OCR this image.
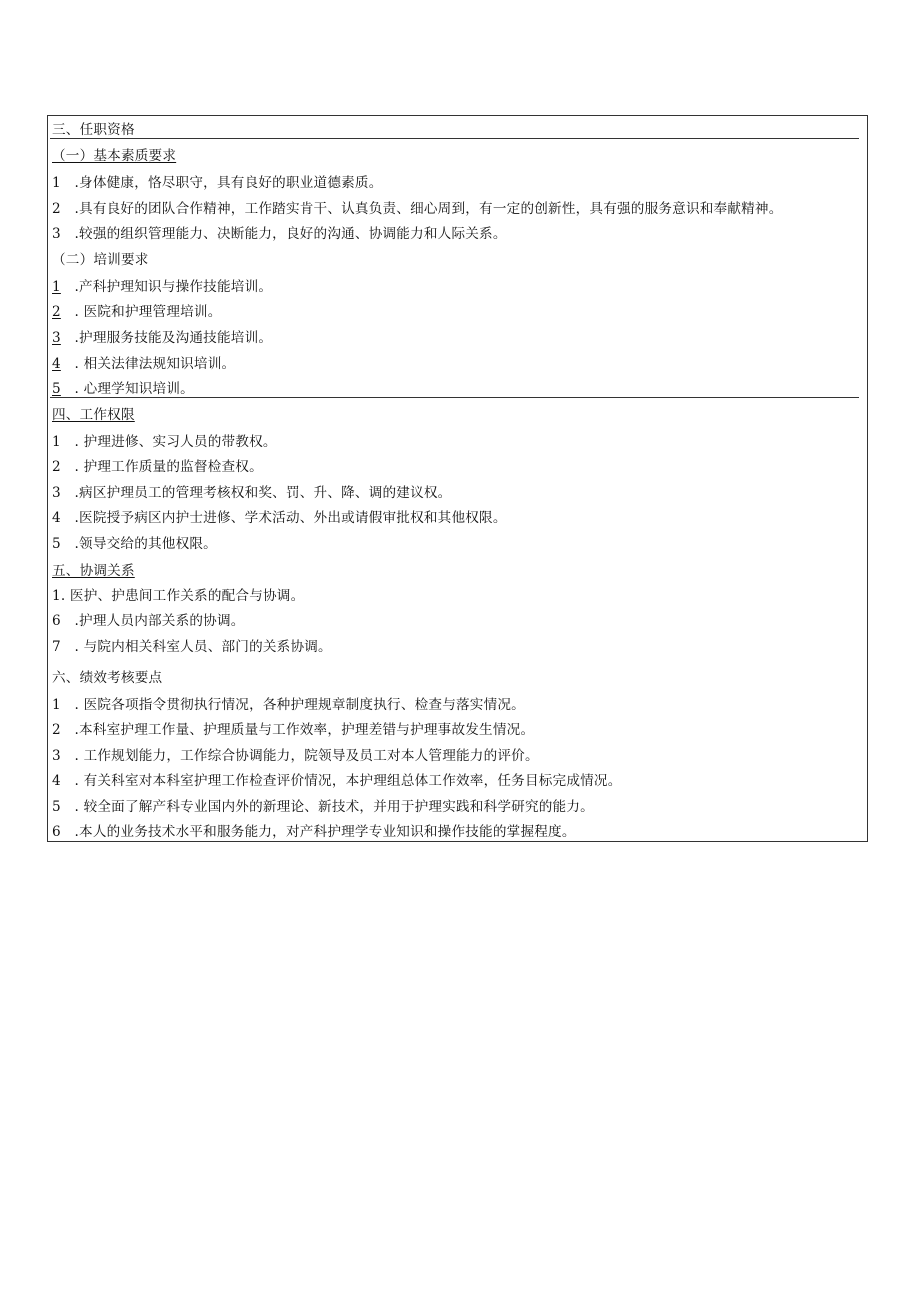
三、任职资格
（一）基本素质要求
1 .身体健康，恪尽职守，具有良好的职业道德素质。
2 .具有良好的团队合作精神，工作踏实肯干、认真负责、细心周到，有一定的创新性，具有强的服务意识和奉献精神。
3 .较强的组织管理能力、决断能力，良好的沟通、协调能力和人际关系。
（二）培训要求
1 .产科护理知识与操作技能培训。
2 . 医院和护理管理培训。
3 .护理服务技能及沟通技能培训。
4 . 相关法律法规知识培训。
5 . 心理学知识培训。
四、工作权限
1 . 护理进修、实习人员的带教权。
2 . 护理工作质量的监督检查权。
3 .病区护理员工的管理考核权和奖、罚、升、降、调的建议权。
4 .医院授予病区内护士进修、学术活动、外出或请假审批权和其他权限。
5 .领导交给的其他权限。
五、协调关系
1. 医护、护患间工作关系的配合与协调。
6 .护理人员内部关系的协调。
7 . 与院内相关科室人员、部门的关系协调。
六、绩效考核要点
1 . 医院各项指令贯彻执行情况，各种护理规章制度执行、检查与落实情况。
2 .本科室护理工作量、护理质量与工作效率，护理差错与护理事故发生情况。
3 . 工作规划能力，工作综合协调能力，院领导及员工对本人管理能力的评价。
4 . 有关科室对本科室护理工作检查评价情况，本护理组总体工作效率，任务目标完成情况。
5 . 较全面了解产科专业国内外的新理论、新技术，并用于护理实践和科学研究的能力。
6 .本人的业务技术水平和服务能力，对产科护理学专业知识和操作技能的掌握程度。
